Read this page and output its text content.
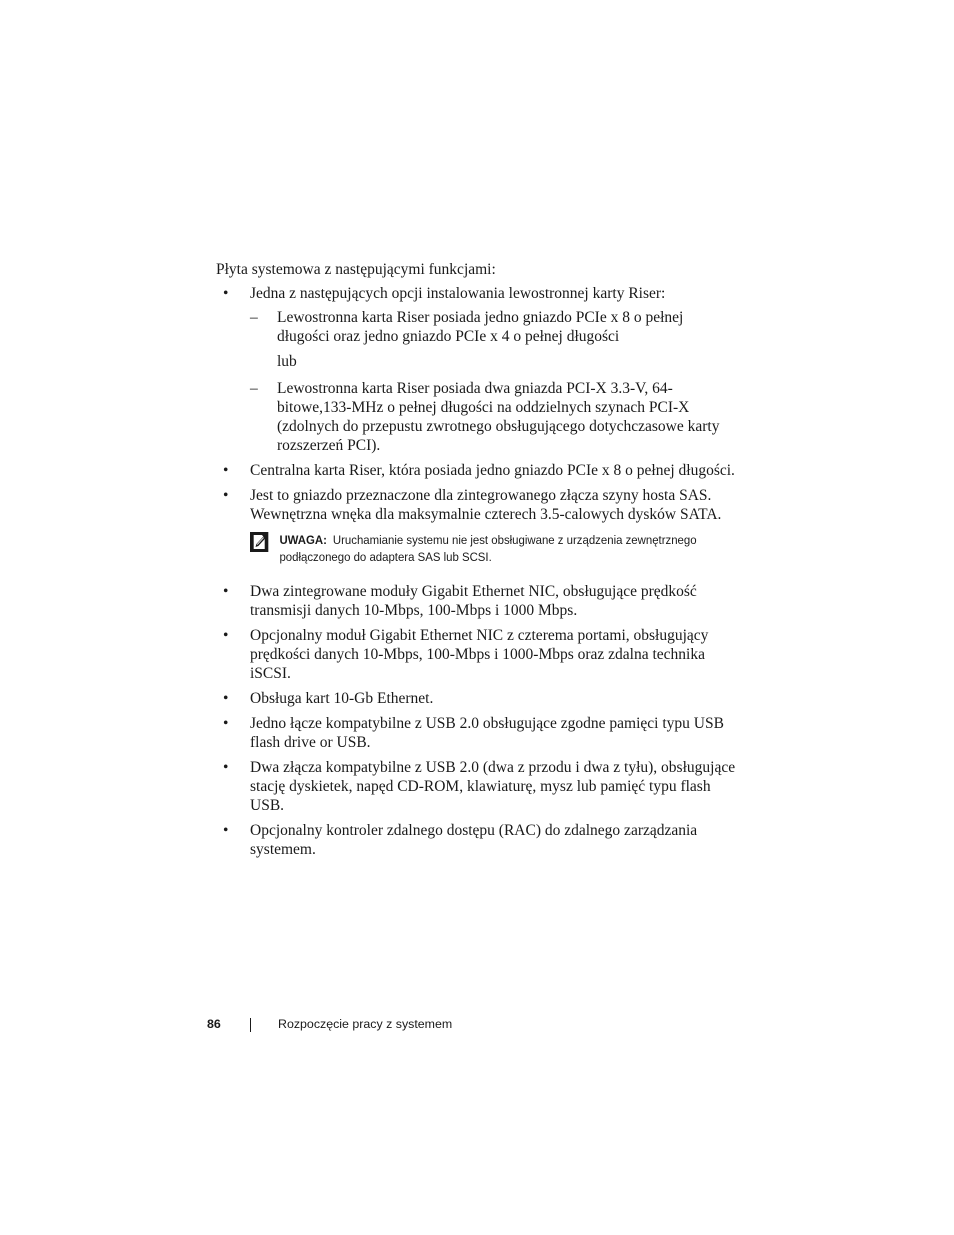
Płyta systemowa z następującymi funkcjami:
• Jedna z następujących opcji instalowania lewostronnej karty Riser:
– Lewostronna karta Riser posiada jedno gniazdo PCIe x 8 o pełnej długości oraz jedno gniazdo PCIe x 4 o pełnej długości
lub
– Lewostronna karta Riser posiada dwa gniazda PCI-X 3.3-V, 64-bitowe,133-MHz o pełnej długości na oddzielnych szynach PCI-X (zdolnych do przepustu zwrotnego obsługującego dotychczasowe karty rozszerzeń PCI).
• Centralna karta Riser, która posiada jedno gniazdo PCIe x 8 o pełnej długości.
• Jest to gniazdo przeznaczone dla zintegrowanego złącza szyny hosta SAS. Wewnętrzna wnęka dla maksymalnie czterech 3.5-calowych dysków SATA.
UWAGA: Uruchamianie systemu nie jest obsługiwane z urządzenia zewnętrznego podłączonego do adaptera SAS lub SCSI.
• Dwa zintegrowane moduły Gigabit Ethernet NIC, obsługujące prędkość transmisji danych 10-Mbps, 100-Mbps i 1000 Mbps.
• Opcjonalny moduł Gigabit Ethernet NIC z czterema portami, obsługujący prędkości danych 10-Mbps, 100-Mbps i 1000-Mbps oraz zdalna technika iSCSI.
• Obsługa kart 10-Gb Ethernet.
• Jedno łącze kompatybilne z USB 2.0 obsługujące zgodne pamięci typu USB flash drive or USB.
• Dwa złącza kompatybilne z USB 2.0 (dwa z przodu i dwa z tyłu), obsługujące stację dyskietek, napęd CD-ROM, klawiaturę, mysz lub pamięć typu flash USB.
• Opcjonalny kontroler zdalnego dostępu (RAC) do zdalnego zarządzania systemem.
86	Rozpoczęcie pracy z systemem
